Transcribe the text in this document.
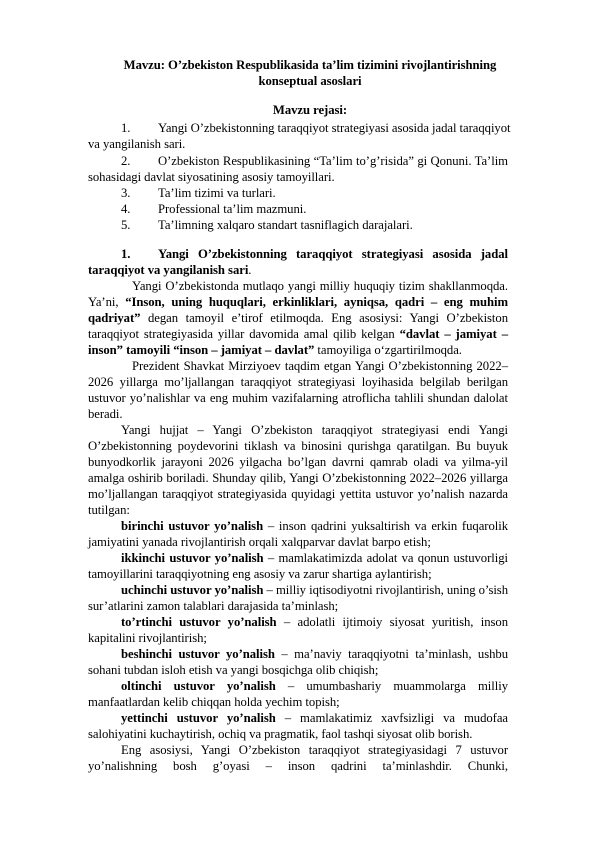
Mavzu: O’zbekiston Respublikasida ta’lim tizimini rivojlantirishning
konseptual asoslari
Mavzu rejasi:
1. Yangi O’zbekistonning taraqqiyot strategiyasi asosida jadal taraqqiyot
va yangilanish sari.
2. O’zbekiston Respublikasining “Ta’lim to’g’risida” gi Qonuni. Ta’lim
sohasidagi davlat siyosatining asosiy tamoyillari.
3. Ta’lim tizimi va turlari.
4. Professional ta’lim mazmuni.
5. Ta’limning xalqaro standart tasniflagich darajalari.
1. Yangi O’zbekistonning taraqqiyot strategiyasi asosida jadal
taraqqiyot va yangilanish sari.
Yangi O’zbekistonda mutlaqo yangi milliy huquqiy tizim shakllanmoqda.
Ya’ni, “Inson, uning huquqlari, erkinliklari, ayniqsa, qadri – eng muhim
qadriyat” degan tamoyil e’tirof etilmoqda. Eng asosiysi: Yangi O’zbekiston
taraqqiyot strategiyasida yillar davomida amal qilib kelgan “davlat – jamiyat –
inson” tamoyili “inson – jamiyat – davlat” tamoyiliga o‘zgartirilmoqda.
Prezident Shavkat Mirziyoev taqdim etgan Yangi O’zbekistonning 2022–
2026 yillarga mo’ljallangan taraqqiyot strategiyasi loyihasida belgilab berilgan
ustuvor yo’nalishlar va eng muhim vazifalarning atroflicha tahlili shundan dalolat
beradi.
Yangi hujjat – Yangi O’zbekiston taraqqiyot strategiyasi endi Yangi
O’zbekistonning poydevorini tiklash va binosini qurishga qaratilgan. Bu buyuk
bunyodkorlik jarayoni 2026 yilgacha bo’lgan davrni qamrab oladi va yilma-yil
amalga oshirib boriladi. Shunday qilib, Yangi O’zbekistonning 2022–2026 yillarga
mo’ljallangan taraqqiyot strategiyasida quyidagi yettita ustuvor yo’nalish nazarda
tutilgan:
birinchi ustuvor yo’nalish – inson qadrini yuksaltirish va erkin fuqarolik
jamiyatini yanada rivojlantirish orqali xalqparvar davlat barpo etish;
ikkinchi ustuvor yo’nalish – mamlakatimizda adolat va qonun ustuvorligi
tamoyillarini taraqqiyotning eng asosiy va zarur shartiga aylantirish;
uchinchi ustuvor yo’nalish – milliy iqtisodiyotni rivojlantirish, uning o’sish
sur’atlarini zamon talablari darajasida ta’minlash;
to’rtinchi ustuvor yo’nalish – adolatli ijtimoiy siyosat yuritish, inson
kapitalini rivojlantirish;
beshinchi ustuvor yo’nalish – ma’naviy taraqqiyotni ta’minlash, ushbu
sohani tubdan isloh etish va yangi bosqichga olib chiqish;
oltinchi ustuvor yo’nalish – umumbashariy muammolarga milliy
manfaatlardan kelib chiqqan holda yechim topish;
yettinchi ustuvor yo’nalish – mamlakatimiz xavfsizligi va mudofaa
salohiyatini kuchaytirish, ochiq va pragmatik, faol tashqi siyosat olib borish.
Eng asosiysi, Yangi O’zbekiston taraqqiyot strategiyasidagi 7 ustuvor
yo’nalishning bosh g’oyasi – inson qadrini ta’minlashdir. Chunki,
